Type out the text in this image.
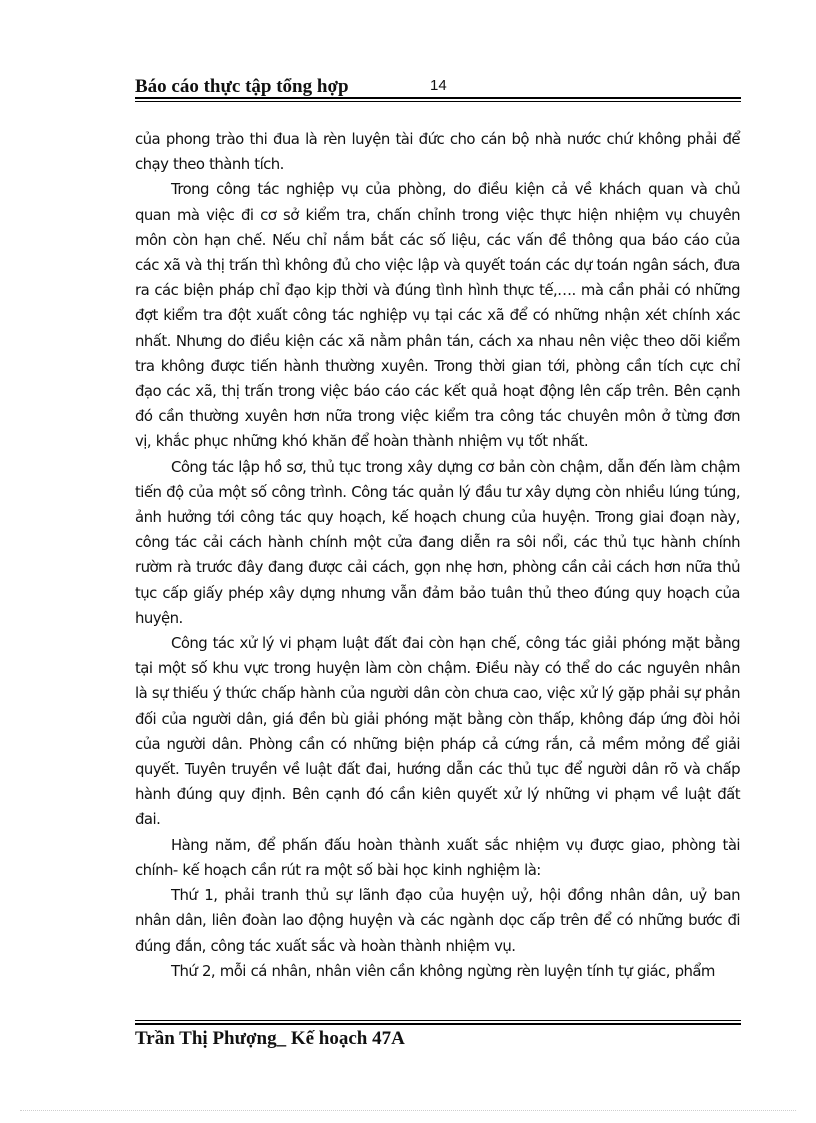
Báo cáo thực tập tổng hợp	14

của phong trào thi đua là rèn luyện tài đức cho cán bộ nhà nước chứ không phải để chạy theo thành tích.

Trong công tác nghiệp vụ của phòng, do điều kiện cả về khách quan và chủ quan mà việc đi cơ sở kiểm tra, chấn chỉnh trong việc thực hiện nhiệm vụ chuyên môn còn hạn chế. Nếu chỉ nắm bắt các số liệu, các vấn đề thông qua báo cáo của các xã và thị trấn thì không đủ cho việc lập và quyết toán các dự toán ngân sách, đưa ra các biện pháp chỉ đạo kịp thời và đúng tình hình thực tế,…. mà cần phải có những đợt kiểm tra đột xuất công tác nghiệp vụ tại các xã để có những nhận xét chính xác nhất. Nhưng do điều kiện các xã nằm phân tán, cách xa nhau nên việc theo dõi kiểm tra không được tiến hành thường xuyên. Trong thời gian tới, phòng cần tích cực chỉ đạo các xã, thị trấn trong việc báo cáo các kết quả hoạt động lên cấp trên. Bên cạnh đó cần thường xuyên hơn nữa trong việc kiểm tra công tác chuyên môn ở từng đơn vị, khắc phục những khó khăn để hoàn thành nhiệm vụ tốt nhất.

Công tác lập hồ sơ, thủ tục trong xây dựng cơ bản còn chậm, dẫn đến làm chậm tiến độ của một số công trình. Công tác quản lý đầu tư xây dựng còn nhiều lúng túng, ảnh hưởng tới công tác quy hoạch, kế hoạch chung của huyện. Trong giai đoạn này, công tác cải cách hành chính một cửa đang diễn ra sôi nổi, các thủ tục hành chính rườm rà trước đây đang được cải cách, gọn nhẹ hơn, phòng cần cải cách hơn nữa thủ tục cấp giấy phép xây dựng nhưng vẫn đảm bảo tuân thủ theo đúng quy hoạch của huyện.

Công tác xử lý vi phạm luật đất đai còn hạn chế, công tác giải phóng mặt bằng tại một số khu vực trong huyện làm còn chậm. Điều này có thể do các nguyên nhân là sự thiếu ý thức chấp hành của người dân còn chưa cao, việc xử lý gặp phải sự phản đối của người dân, giá đền bù giải phóng mặt bằng còn thấp, không đáp ứng đòi hỏi của người dân. Phòng cần có những biện pháp cả cứng rắn, cả mềm mỏng để giải quyết. Tuyên truyền về luật đất đai, hướng dẫn các thủ tục để người dân rõ và chấp hành đúng quy định. Bên cạnh đó cần kiên quyết xử lý những vi phạm về luật đất đai.

Hàng năm, để phấn đấu hoàn thành xuất sắc nhiệm vụ được giao, phòng tài chính- kế hoạch cần rút ra một số bài học kinh nghiệm là:

Thứ 1, phải tranh thủ sự lãnh đạo của huyện uỷ, hội đồng nhân dân, uỷ ban nhân dân, liên đoàn lao động huyện và các ngành dọc cấp trên để có những bước đi đúng đắn, công tác xuất sắc và hoàn thành nhiệm vụ.

Thứ 2, mỗi cá nhân, nhân viên cần không ngừng rèn luyện tính tự giác, phẩm

Trần Thị Phượng_ Kế hoạch 47A
